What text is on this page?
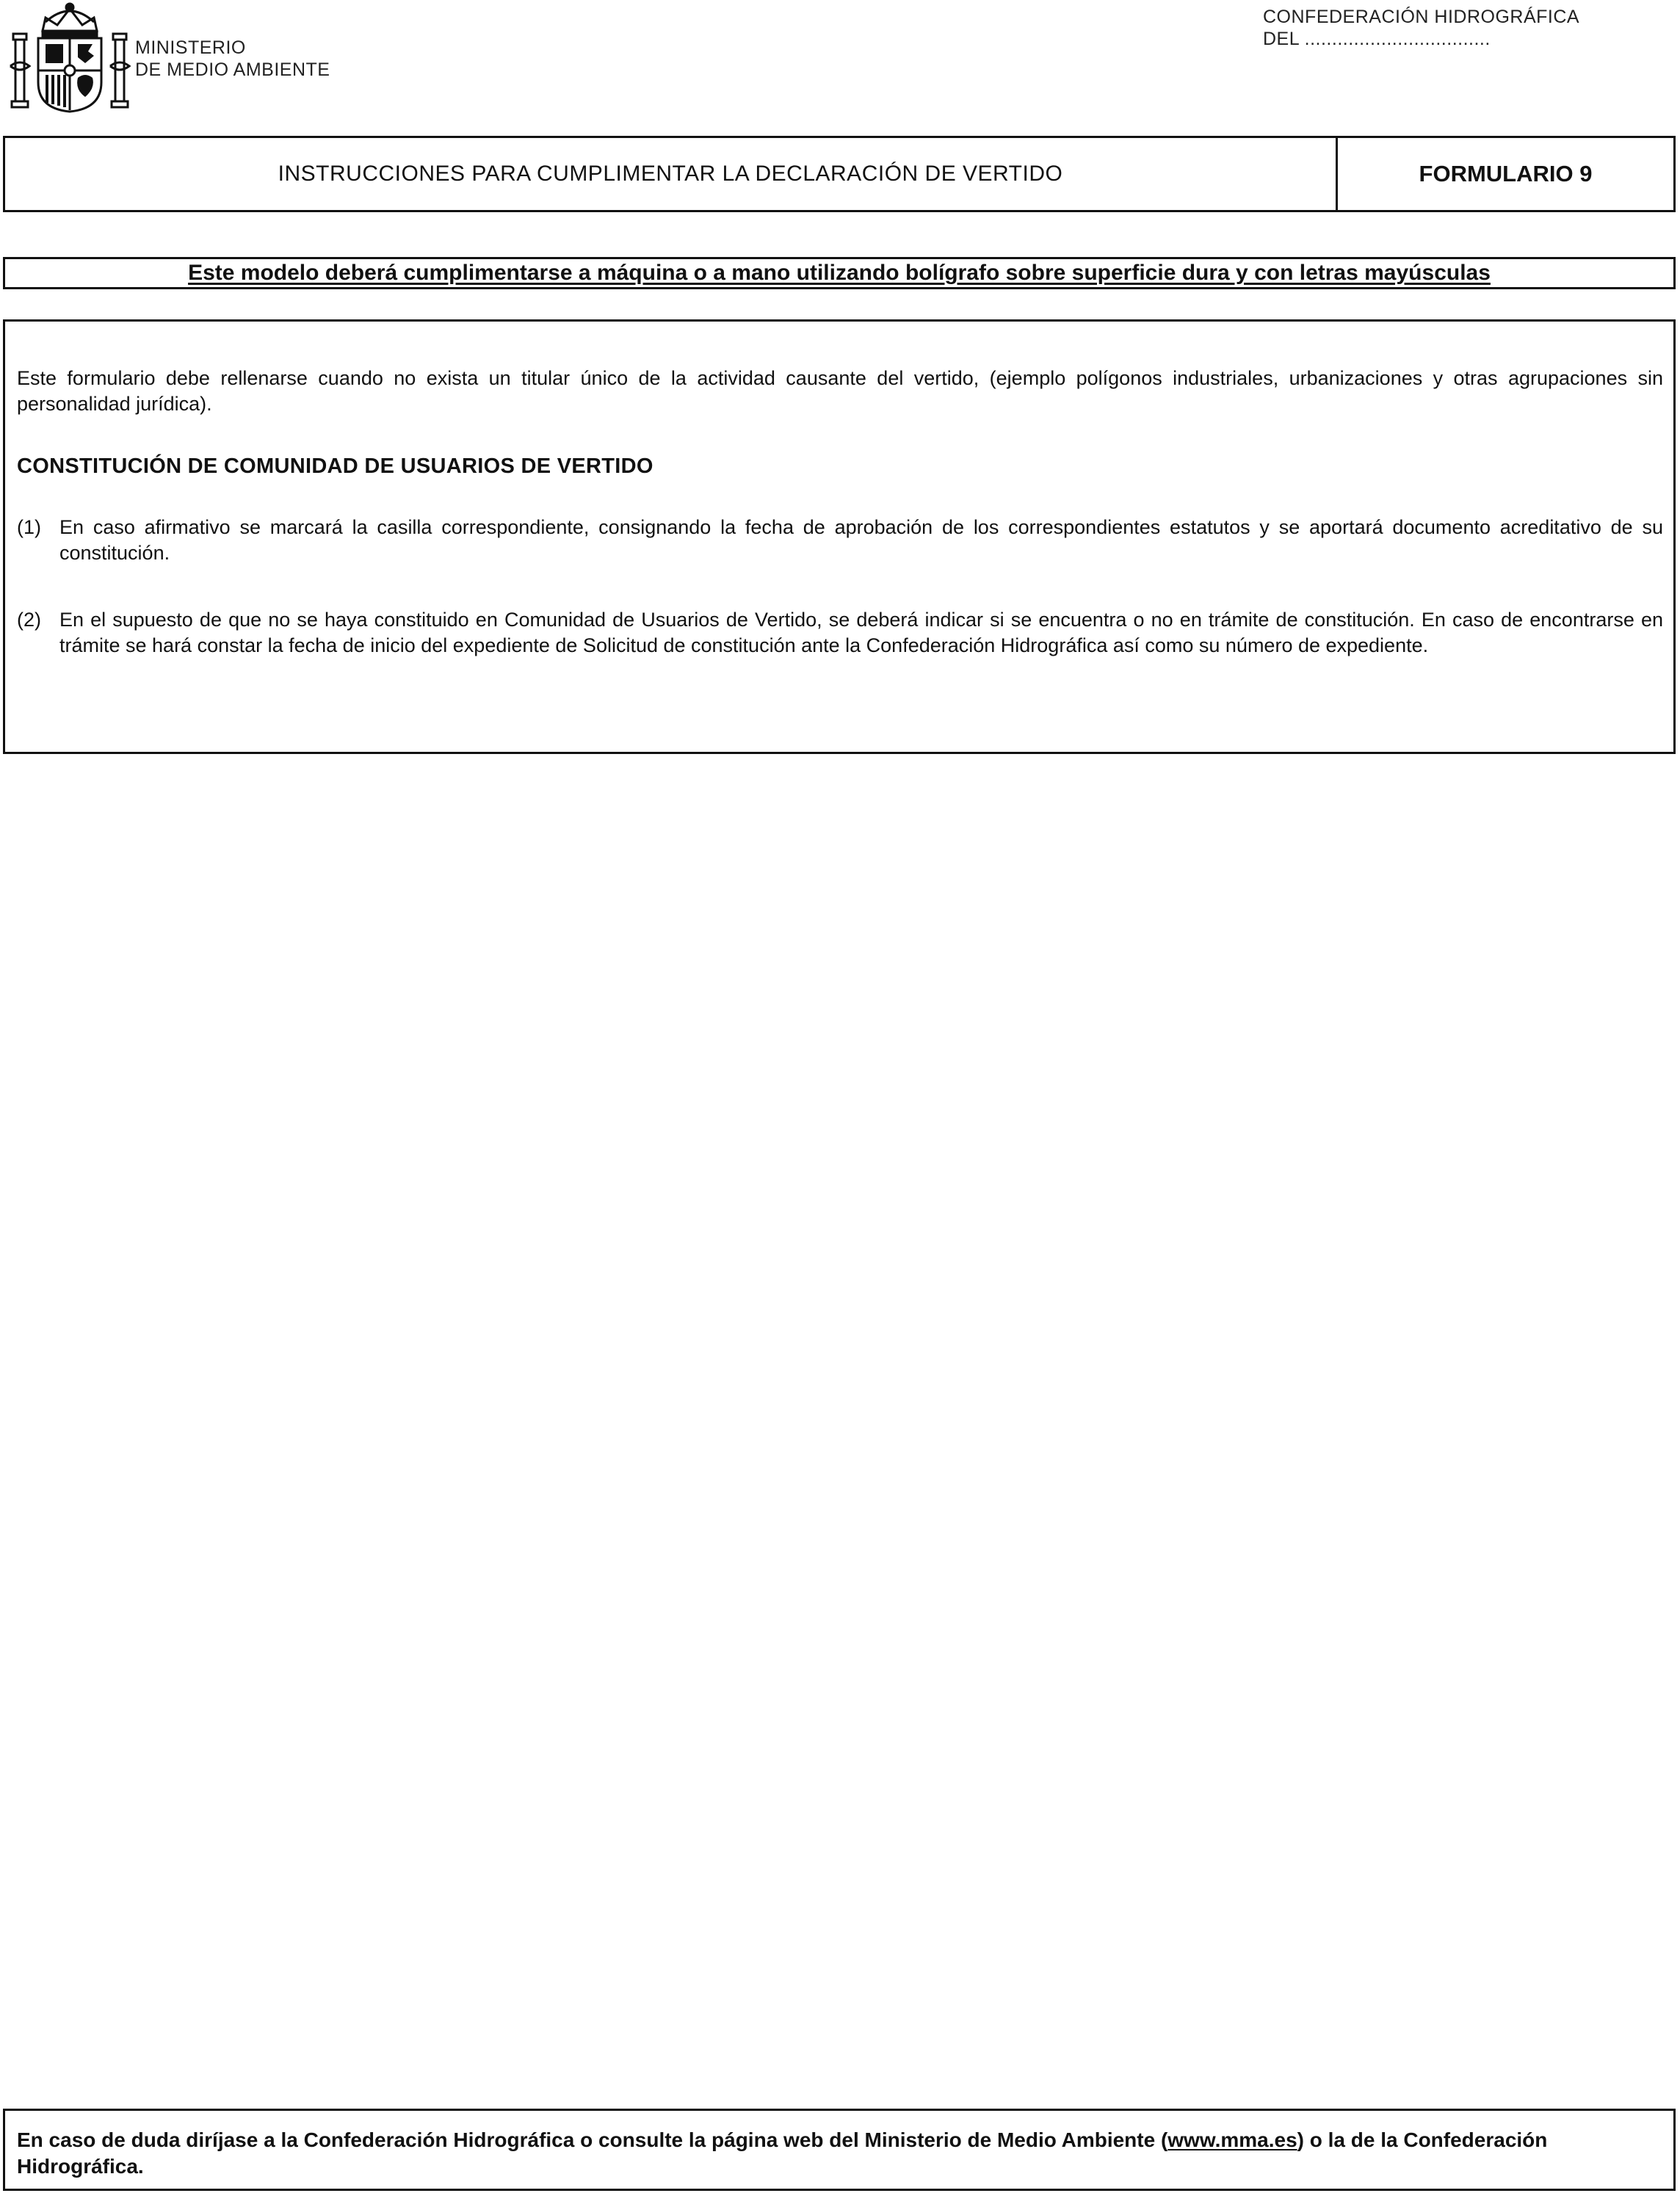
MINISTERIO
DE MEDIO AMBIENTE
CONFEDERACIÓN HIDROGRÁFICA
DEL ..................................
INSTRUCCIONES PARA CUMPLIMENTAR LA DECLARACIÓN DE VERTIDO	FORMULARIO 9
Este modelo deberá cumplimentarse a máquina o a mano utilizando bolígrafo sobre superficie dura y con letras mayúsculas

Este formulario debe rellenarse cuando no exista un titular único de la actividad causante del vertido, (ejemplo polígonos industriales, urbanizaciones y otras agrupaciones sin personalidad jurídica).

CONSTITUCIÓN DE COMUNIDAD DE USUARIOS DE VERTIDO

(1) En caso afirmativo se marcará la casilla correspondiente, consignando la fecha de aprobación de los correspondientes estatutos y se aportará documento acreditativo de su constitución.
(2) En el supuesto de que no se haya constituido en Comunidad de Usuarios de Vertido, se deberá indicar si se encuentra o no en trámite de constitución. En caso de encontrarse en trámite se hará constar la fecha de inicio del expediente de Solicitud de constitución ante la Confederación Hidrográfica así como su número de expediente.
En caso de duda diríjase a la Confederación Hidrográfica o consulte la página web del Ministerio de Medio Ambiente (www.mma.es) o la de la Confederación Hidrográfica.
